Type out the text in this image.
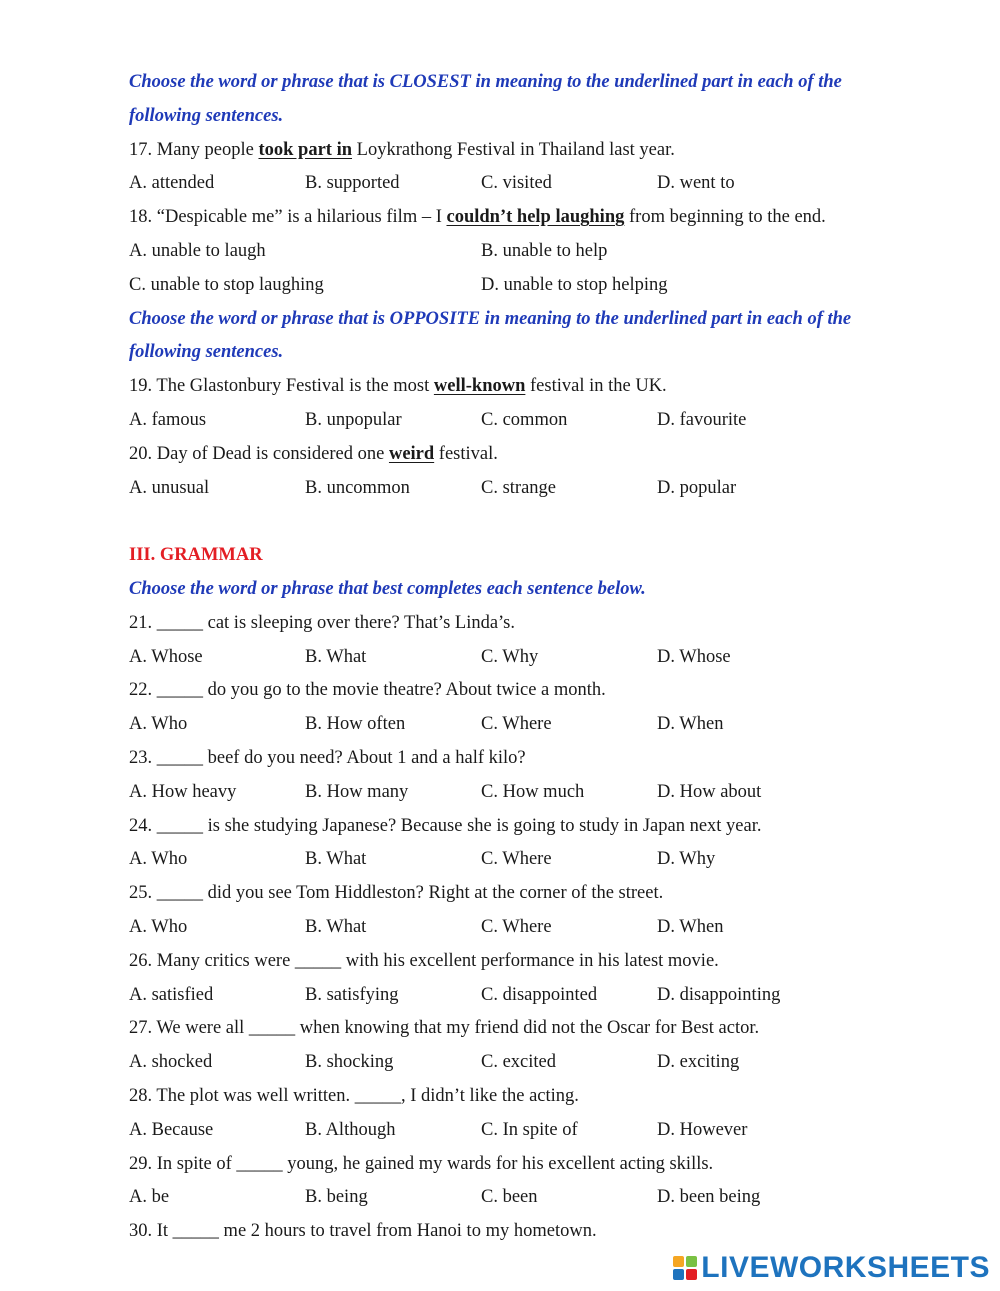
Choose the word or phrase that is CLOSEST in meaning to the underlined part in each of the
following sentences.
17. Many people took part in Loykrathong Festival in Thailand last year.
A. attended	B. supported	C. visited	D. went to
18. “Despicable me” is a hilarious film – I couldn’t help laughing from beginning to the end.
A. unable to laugh	B. unable to help
C. unable to stop laughing	D. unable to stop helping
Choose the word or phrase that is OPPOSITE in meaning to the underlined part in each of the
following sentences.
19. The Glastonbury Festival is the most well-known festival in the UK.
A. famous	B. unpopular	C. common	D. favourite
20. Day of Dead is considered one weird festival.
A. unusual	B. uncommon	C. strange	D. popular
III. GRAMMAR
Choose the word or phrase that best completes each sentence below.
21. _____ cat is sleeping over there? That’s Linda’s.
A. Whose	B. What	C. Why	D. Whose
22. _____ do you go to the movie theatre? About twice a month.
A. Who	B. How often	C. Where	D. When
23. _____ beef do you need? About 1 and a half kilo?
A. How heavy	B. How many	C. How much	D. How about
24. _____ is she studying Japanese? Because she is going to study in Japan next year.
A. Who	B. What	C. Where	D. Why
25. _____ did you see Tom Hiddleston? Right at the corner of the street.
A. Who	B. What	C. Where	D. When
26. Many critics were _____ with his excellent performance in his latest movie.
A. satisfied	B. satisfying	C. disappointed	D. disappointing
27. We were all _____ when knowing that my friend did not the Oscar for Best actor.
A. shocked	B. shocking	C. excited	D. exciting
28. The plot was well written. _____, I didn’t like the acting.
A. Because	B. Although	C. In spite of	D. However
29. In spite of _____ young, he gained my wards for his excellent acting skills.
A. be	B. being	C. been	D. been being
30. It _____ me 2 hours to travel from Hanoi to my hometown.
LIVEWORKSHEETS
